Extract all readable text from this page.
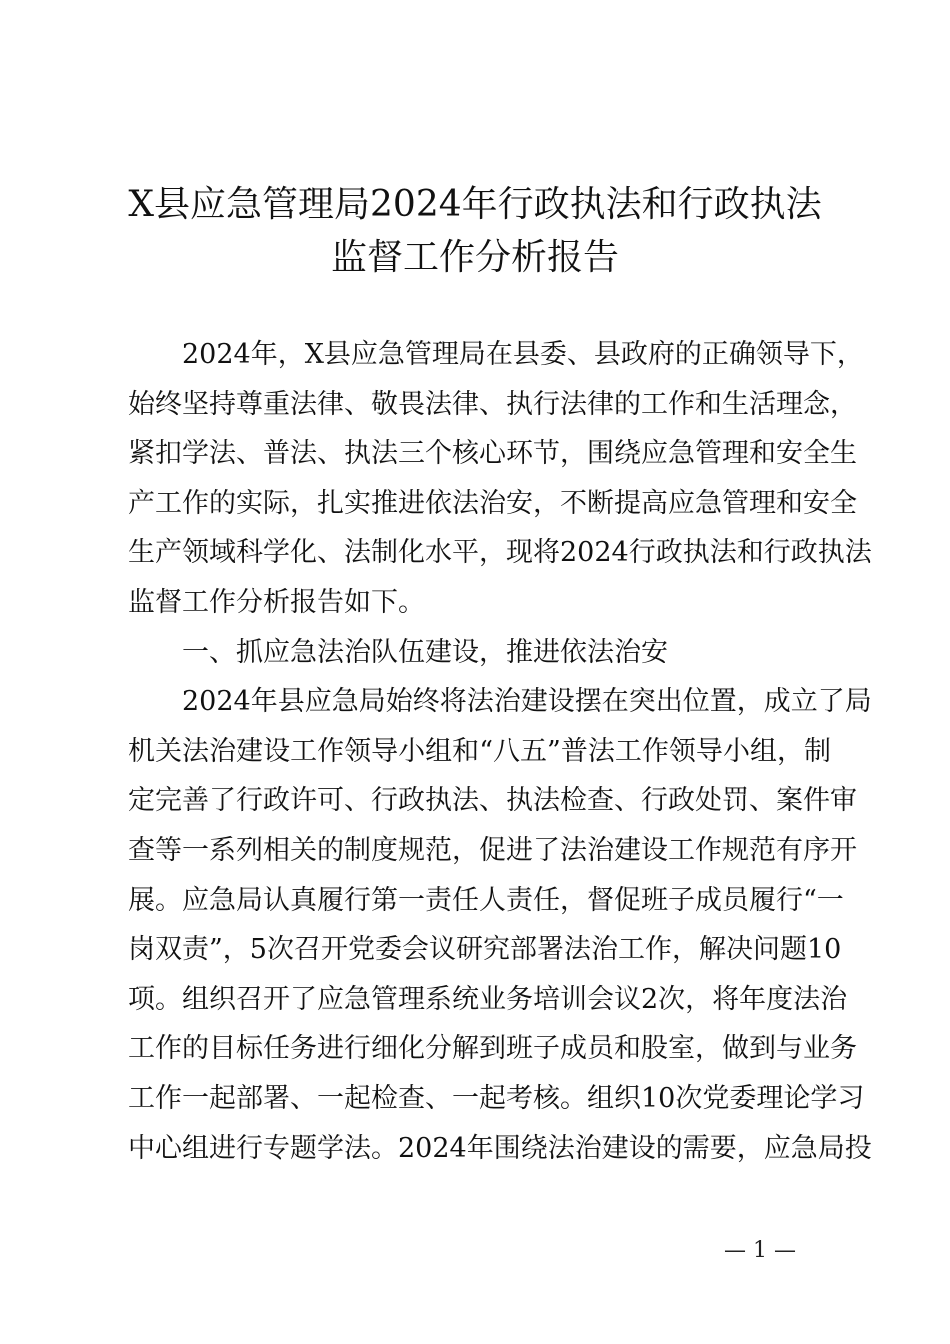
X县应急管理局2024年行政执法和行政执法
监督工作分析报告
2024年，X县应急管理局在县委、县政府的正确领导下，
始终坚持尊重法律、敬畏法律、执行法律的工作和生活理念，
紧扣学法、普法、执法三个核心环节，围绕应急管理和安全生
产工作的实际，扎实推进依法治安，不断提高应急管理和安全
生产领域科学化、法制化水平，现将2024行政执法和行政执法
监督工作分析报告如下。
一、抓应急法治队伍建设，推进依法治安
2024年县应急局始终将法治建设摆在突出位置，成立了局
机关法治建设工作领导小组和“八五”普法工作领导小组，制
定完善了行政许可、行政执法、执法检查、行政处罚、案件审
查等一系列相关的制度规范，促进了法治建设工作规范有序开
展。应急局认真履行第一责任人责任，督促班子成员履行“一
岗双责”，5次召开党委会议研究部署法治工作，解决问题10
项。组织召开了应急管理系统业务培训会议2次，将年度法治
工作的目标任务进行细化分解到班子成员和股室，做到与业务
工作一起部署、一起检查、一起考核。组织10次党委理论学习
中心组进行专题学法。2024年围绕法治建设的需要，应急局投
— 1 —
